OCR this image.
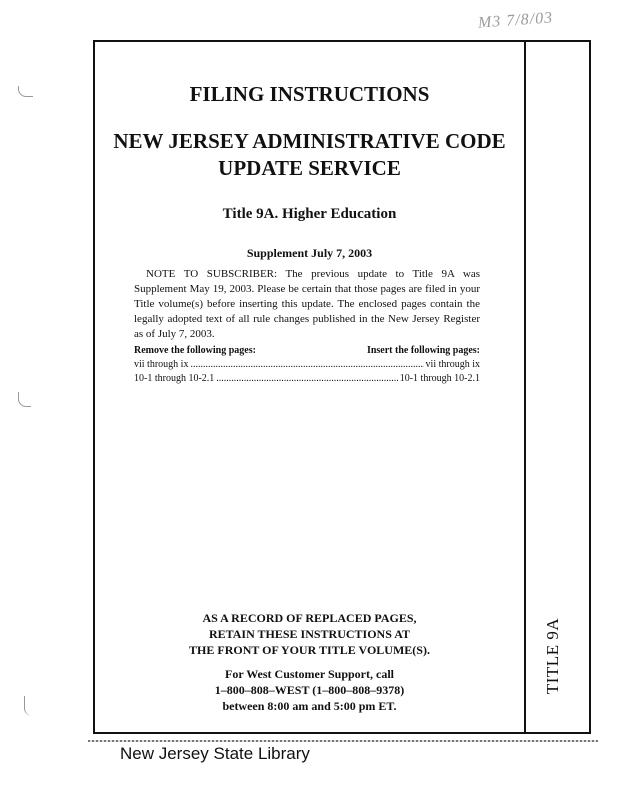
M3 7/8/03
TITLE 9A
FILING INSTRUCTIONS
NEW JERSEY ADMINISTRATIVE CODE
UPDATE SERVICE
Title 9A. Higher Education
Supplement July 7, 2003
NOTE TO SUBSCRIBER: The previous update to Title 9A was Supplement May 19, 2003. Please be certain that those pages are filed in your Title volume(s) before inserting this update. The enclosed pages contain the legally adopted text of all rule changes published in the New Jersey Register as of July 7, 2003.
Remove the following pages:	Insert the following pages:
vii through ix .....	vii through ix
10-1 through 10-2.1 .....	10-1 through 10-2.1
AS A RECORD OF REPLACED PAGES,
RETAIN THESE INSTRUCTIONS AT
THE FRONT OF YOUR TITLE VOLUME(S).
For West Customer Support, call
1–800–808–WEST (1–800–808–9378)
between 8:00 am and 5:00 pm ET.
New Jersey State Library
